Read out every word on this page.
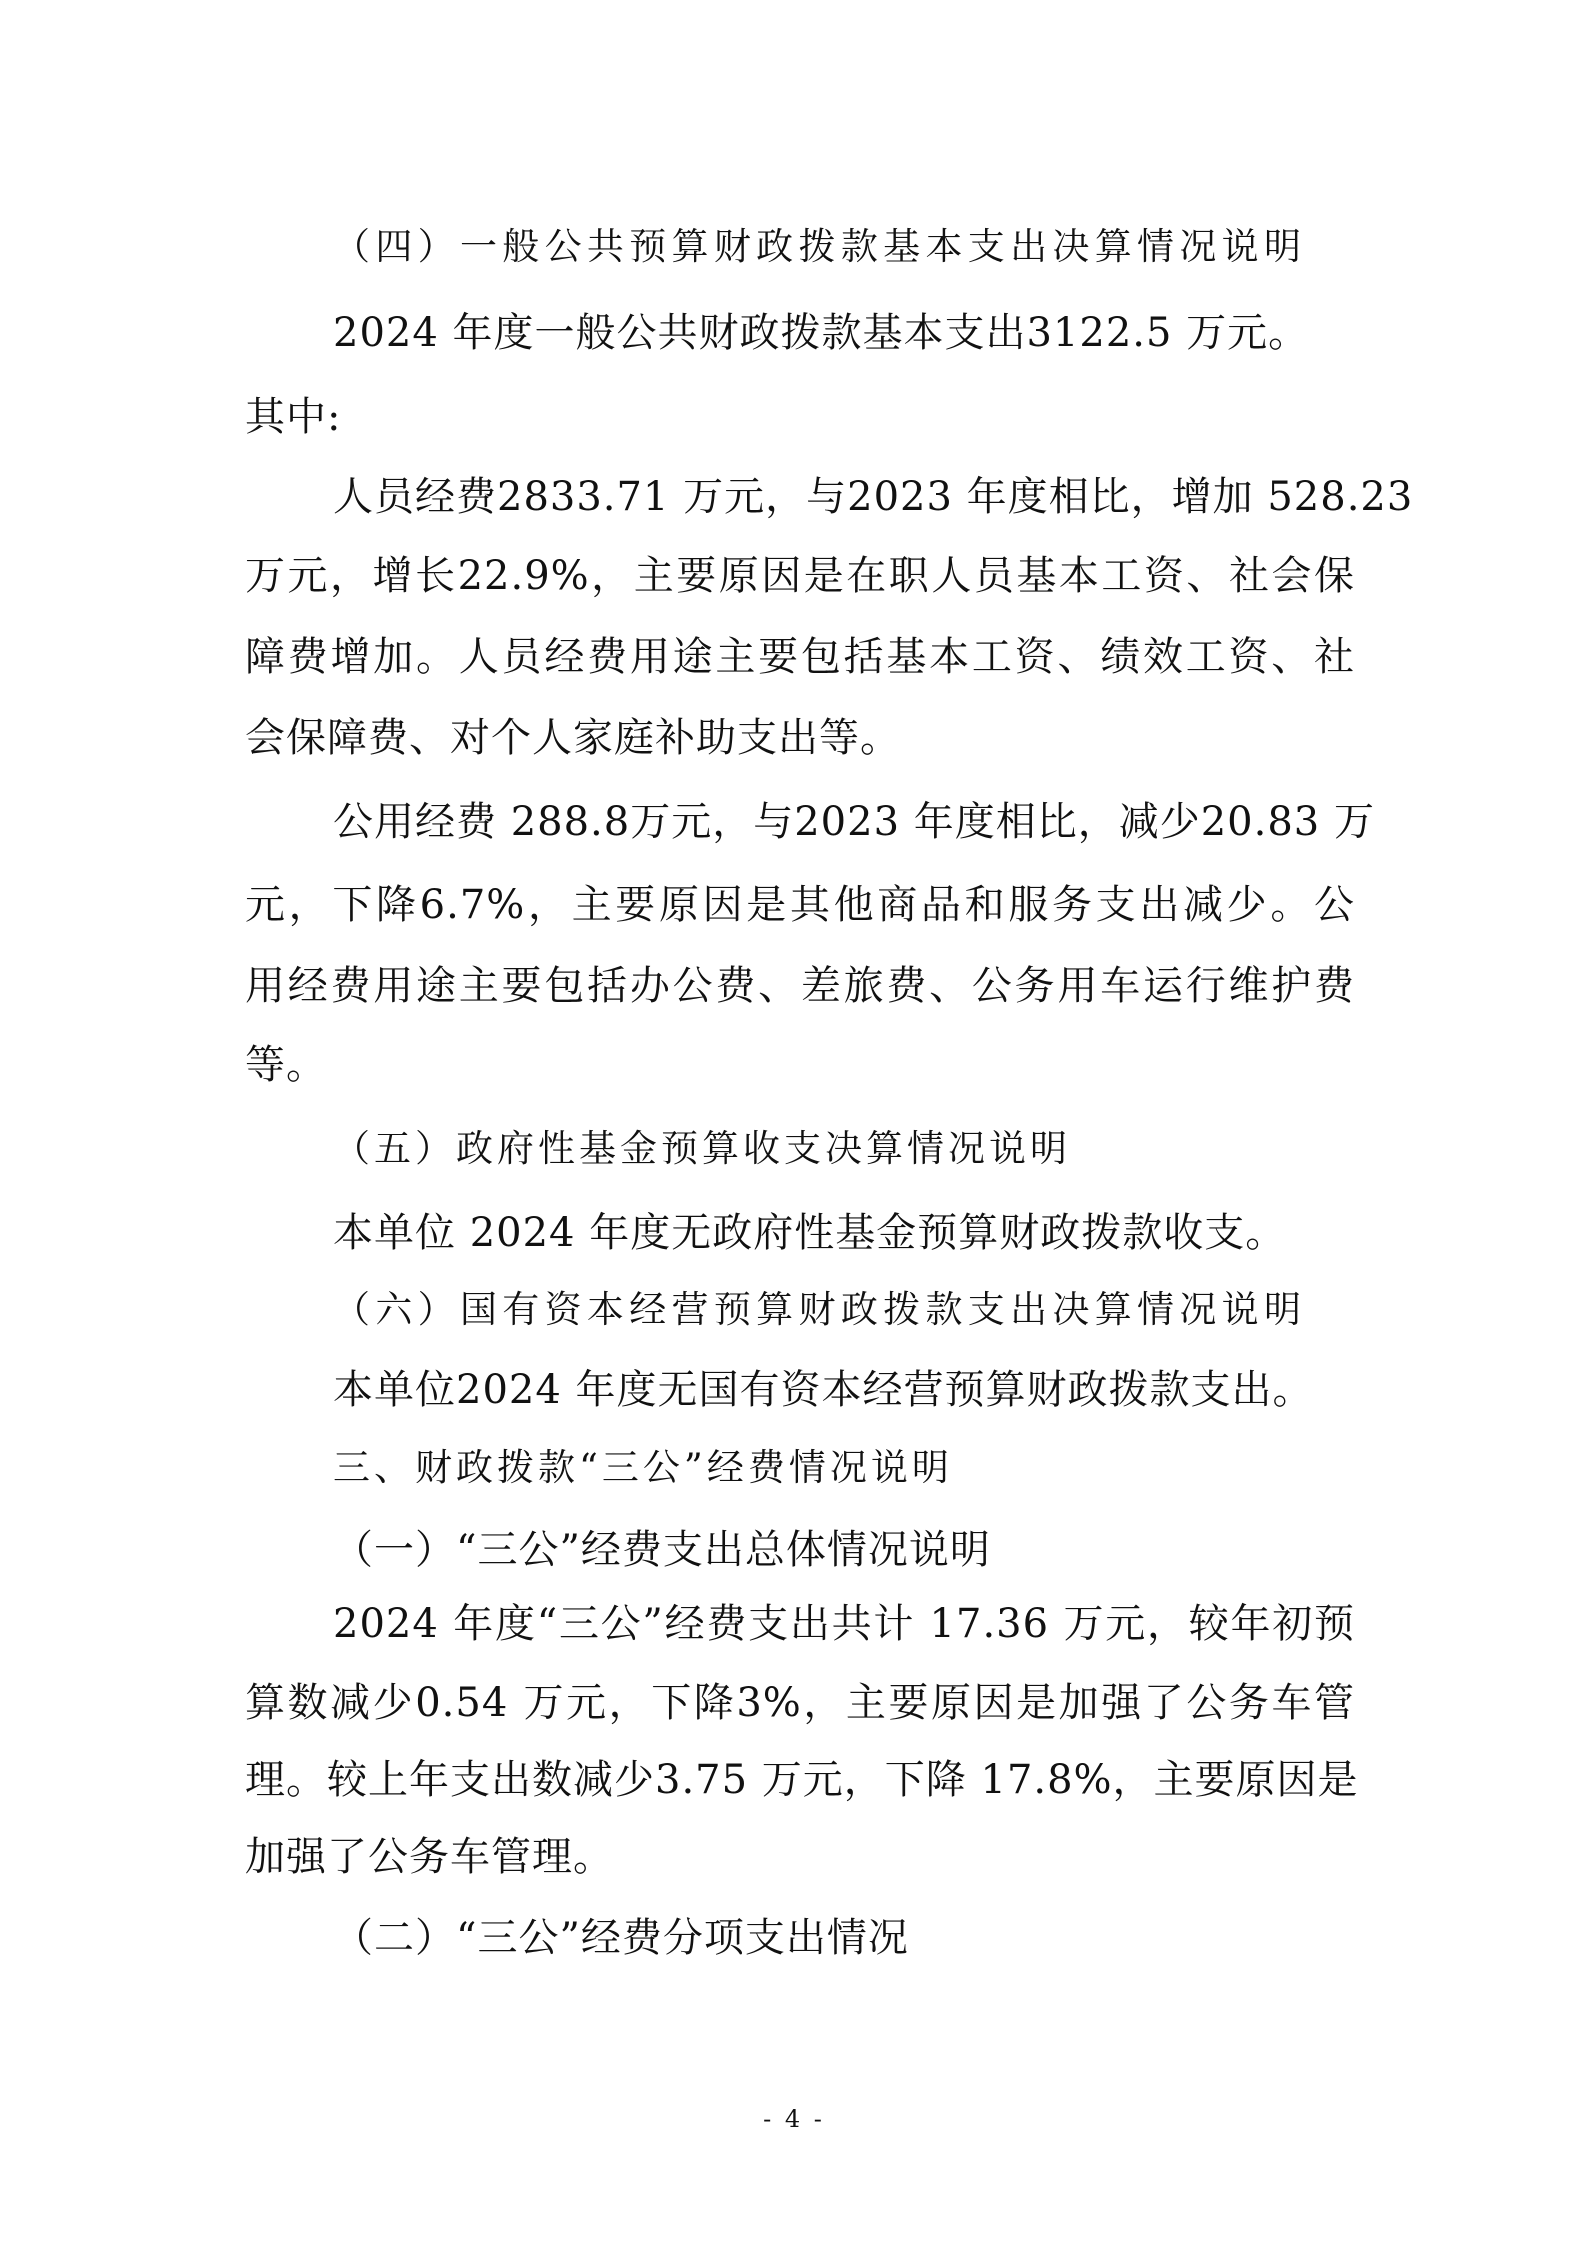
（四）一般公共预算财政拨款基本支出决算情况说明
2024 年度一般公共财政拨款基本支出3122.5 万元。
其中:
人员经费2833.71 万元，与2023 年度相比，增加 528.23
万元，增长22.9%，主要原因是在职人员基本工资、社会保
障费增加。人员经费用途主要包括基本工资、绩效工资、社
会保障费、对个人家庭补助支出等。
公用经费 288.8万元，与2023 年度相比，减少20.83 万
元，下降6.7%，主要原因是其他商品和服务支出减少。公
用经费用途主要包括办公费、差旅费、公务用车运行维护费
等。
（五）政府性基金预算收支决算情况说明
本单位 2024 年度无政府性基金预算财政拨款收支。
（六）国有资本经营预算财政拨款支出决算情况说明
本单位2024 年度无国有资本经营预算财政拨款支出。
三、财政拨款“三公”经费情况说明
（一）“三公”经费支出总体情况说明
2024 年度“三公”经费支出共计 17.36 万元，较年初预
算数减少0.54 万元，下降3%，主要原因是加强了公务车管
理。较上年支出数减少3.75 万元，下降 17.8%，主要原因是
加强了公务车管理。
（二）“三公”经费分项支出情况
- 4 -
